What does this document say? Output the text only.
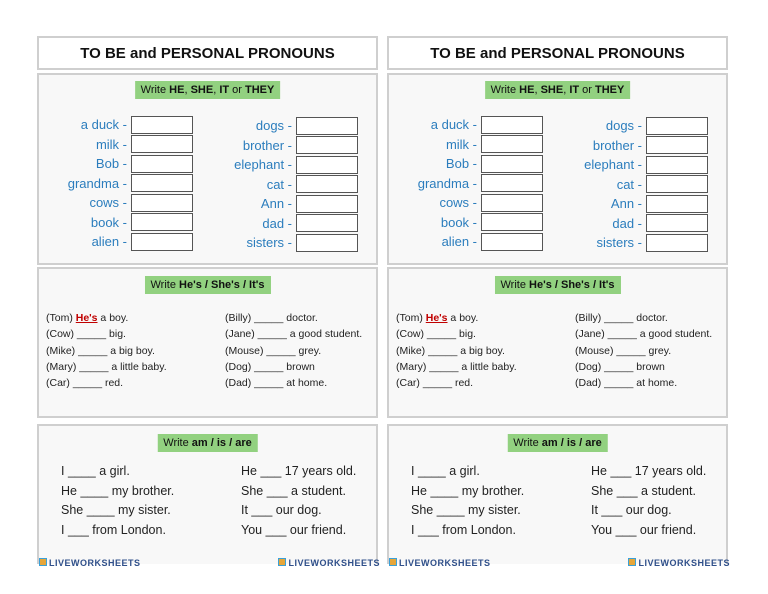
TO BE and PERSONAL PRONOUNS
Write HE, SHE, IT or THEY
a duck -
milk -
Bob -
grandma -
cows -
book -
alien -
dogs -
brother -
elephant -
cat -
Ann -
dad -
sisters -
Write He's / She's / It's
(Tom) He's a boy.
(Cow) _____ big.
(Mike) _____ a big boy.
(Mary) _____ a little baby.
(Car) _____ red.
(Billy) _____ doctor.
(Jane) _____ a good student.
(Mouse) _____ grey.
(Dog) _____ brown
(Dad) _____ at home.
Write am / is / are
I ____ a girl.
He ____ my brother.
She ____ my sister.
I ___ from London.
He ___ 17 years old.
She ___ a student.
It ___ our dog.
You ___ our friend.
LIVEWORKSHEETS	LIVEWORKSHEETS
TO BE and PERSONAL PRONOUNS
Write HE, SHE, IT or THEY
a duck -
milk -
Bob -
grandma -
cows -
book -
alien -
dogs -
brother -
elephant -
cat -
Ann -
dad -
sisters -
Write He's / She's / It's
(Tom) He's a boy.
(Cow) _____ big.
(Mike) _____ a big boy.
(Mary) _____ a little baby.
(Car) _____ red.
(Billy) _____ doctor.
(Jane) _____ a good student.
(Mouse) _____ grey.
(Dog) _____ brown
(Dad) _____ at home.
Write am / is / are
I ____ a girl.
He ____ my brother.
She ____ my sister.
I ___ from London.
He ___ 17 years old.
She ___ a student.
It ___ our dog.
You ___ our friend.
LIVEWORKSHEETS	LIVEWORKSHEETS
